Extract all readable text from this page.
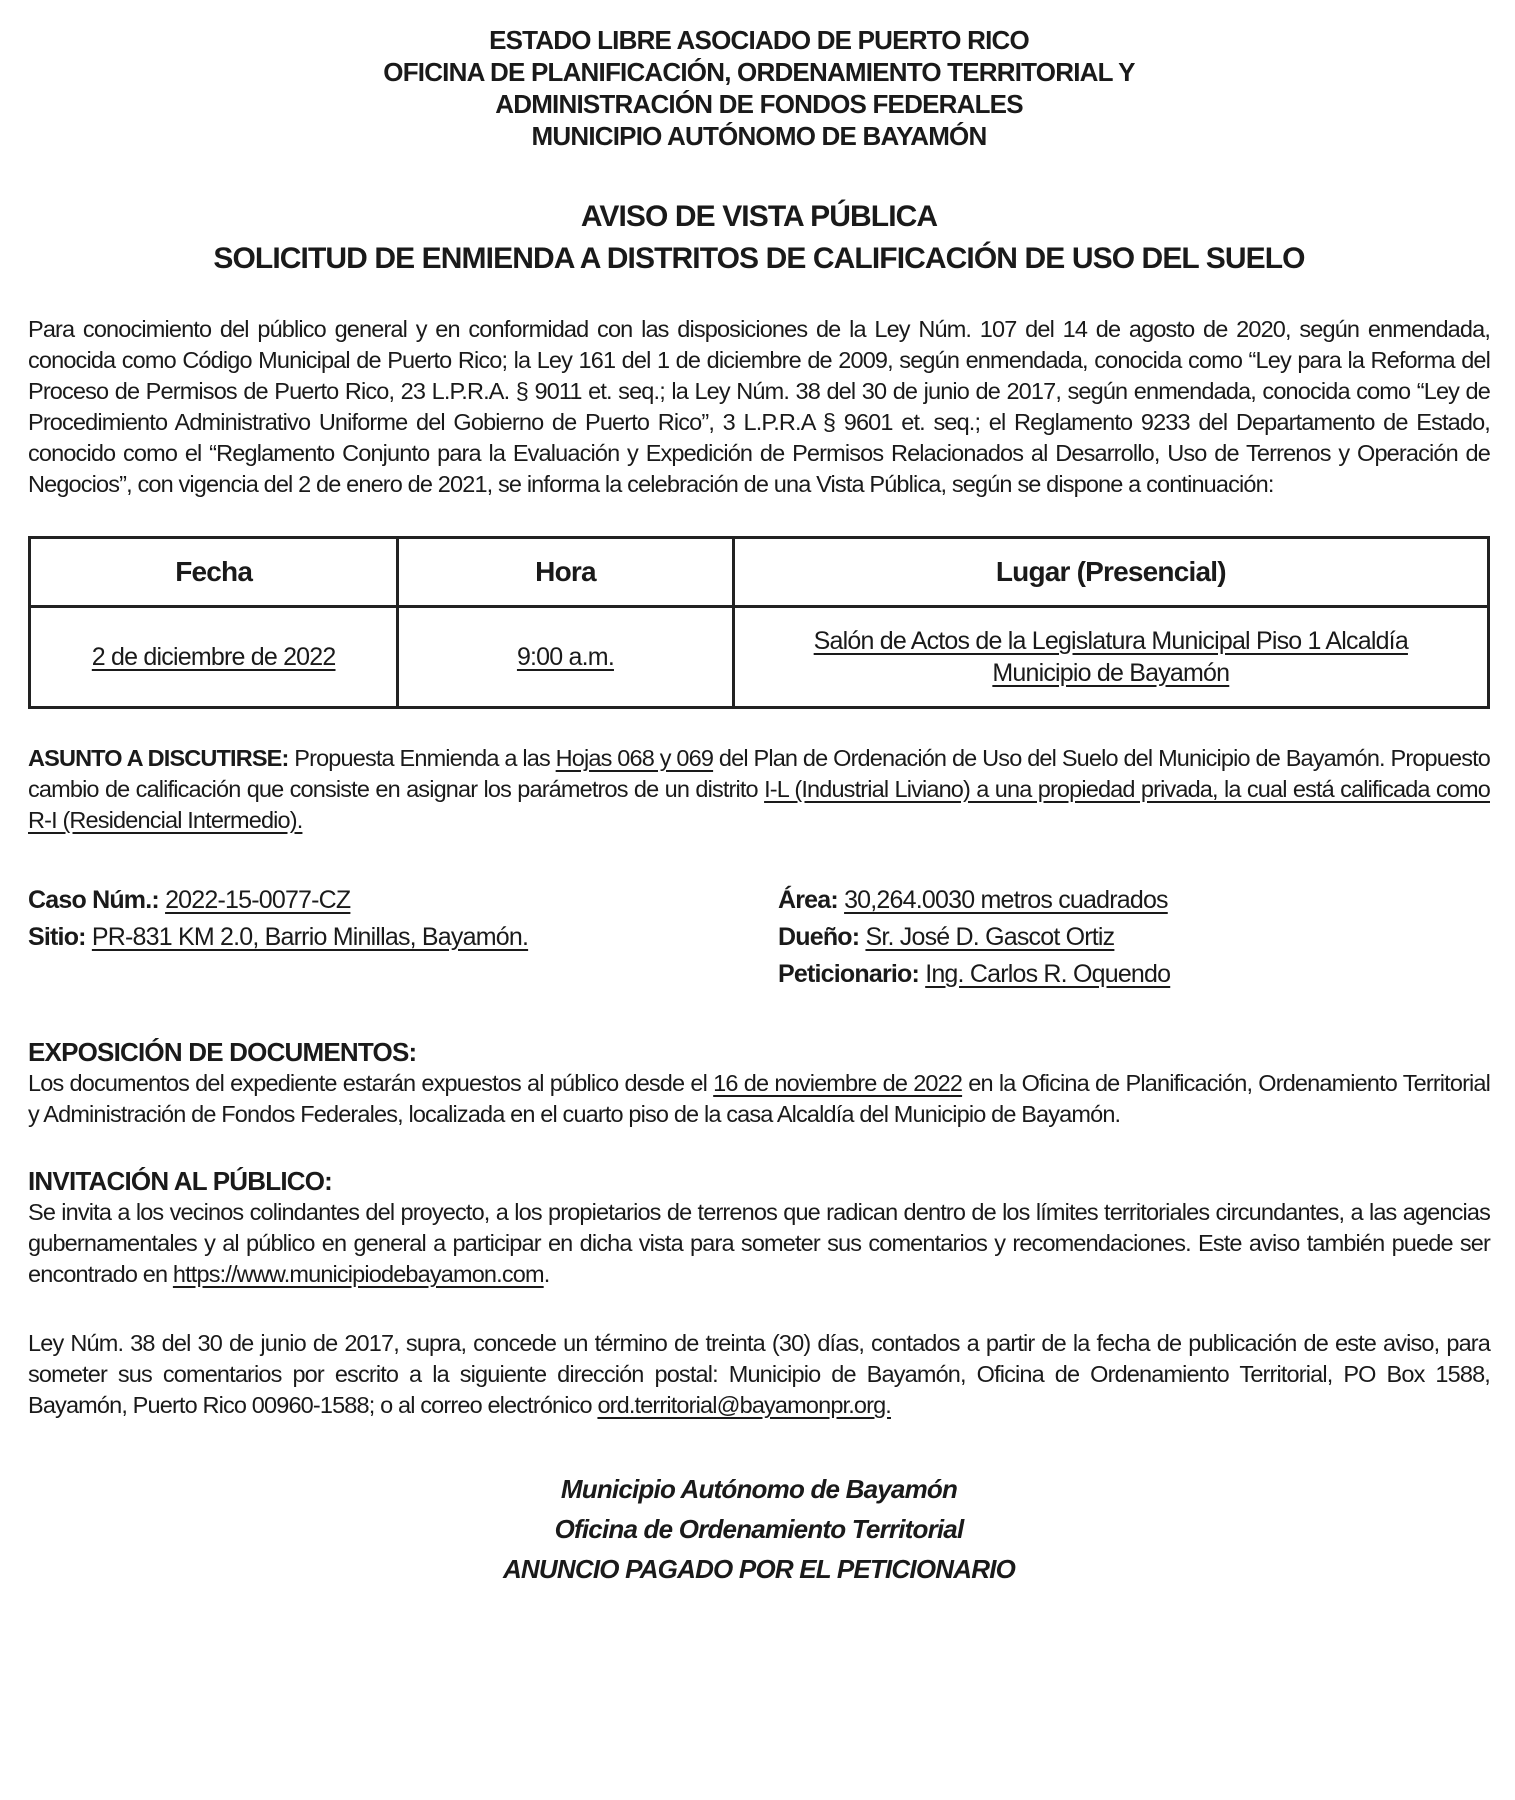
ESTADO LIBRE ASOCIADO DE PUERTO RICO
OFICINA DE PLANIFICACIÓN, ORDENAMIENTO TERRITORIAL Y
ADMINISTRACIÓN DE FONDOS FEDERALES
MUNICIPIO AUTÓNOMO DE BAYAMÓN
AVISO DE VISTA PÚBLICA
SOLICITUD DE ENMIENDA A DISTRITOS DE CALIFICACIÓN DE USO DEL SUELO

Para conocimiento del público general y en conformidad con las disposiciones de la Ley Núm. 107 del 14 de agosto de 2020, según enmendada, conocida como Código Municipal de Puerto Rico; la Ley 161 del 1 de diciembre de 2009, según enmendada, conocida como “Ley para la Reforma del Proceso de Permisos de Puerto Rico, 23 L.P.R.A. § 9011 et. seq.; la Ley Núm. 38 del 30 de junio de 2017, según enmendada, conocida como “Ley de Procedimiento Administrativo Uniforme del Gobierno de Puerto Rico”, 3 L.P.R.A § 9601 et. seq.; el Reglamento 9233 del Departamento de Estado, conocido como el “Reglamento Conjunto para la Evaluación y Expedición de Permisos Relacionados al Desarrollo, Uso de Terrenos y Operación de Negocios”, con vigencia del 2 de enero de 2021, se informa la celebración de una Vista Pública, según se dispone a continuación:

Fecha	Hora	Lugar (Presencial)
2 de diciembre de 2022	9:00 a.m.	Salón de Actos de la Legislatura Municipal Piso 1 Alcaldía
Municipio de Bayamón

ASUNTO A DISCUTIRSE: Propuesta Enmienda a las Hojas 068 y 069 del Plan de Ordenación de Uso del Suelo del Municipio de Bayamón. Propuesto cambio de calificación que consiste en asignar los parámetros de un distrito I-L (Industrial Liviano) a una propiedad privada, la cual está calificada como R-I (Residencial Intermedio).

Caso Núm.: 2022-15-0077-CZ
Sitio: PR-831 KM 2.0, Barrio Minillas, Bayamón.
Área: 30,264.0030 metros cuadrados
Dueño: Sr. José D. Gascot Ortiz
Peticionario: Ing. Carlos R. Oquendo

EXPOSICIÓN DE DOCUMENTOS:

Los documentos del expediente estarán expuestos al público desde el 16 de noviembre de 2022 en la Oficina de Planificación, Ordenamiento Territorial y Administración de Fondos Federales, localizada en el cuarto piso de la casa Alcaldía del Municipio de Bayamón.

INVITACIÓN AL PÚBLICO:

Se invita a los vecinos colindantes del proyecto, a los propietarios de terrenos que radican dentro de los límites territoriales circundantes, a las agencias gubernamentales y al público en general a participar en dicha vista para someter sus comentarios y recomendaciones. Este aviso también puede ser encontrado en https://www.municipiodebayamon.com.

Ley Núm. 38 del 30 de junio de 2017, supra, concede un término de treinta (30) días, contados a partir de la fecha de publicación de este aviso, para someter sus comentarios por escrito a la siguiente dirección postal: Municipio de Bayamón, Oficina de Ordenamiento Territorial, PO Box 1588, Bayamón, Puerto Rico 00960-1588; o al correo electrónico ord.territorial@bayamonpr.org.

Municipio Autónomo de Bayamón
Oficina de Ordenamiento Territorial
ANUNCIO PAGADO POR EL PETICIONARIO
